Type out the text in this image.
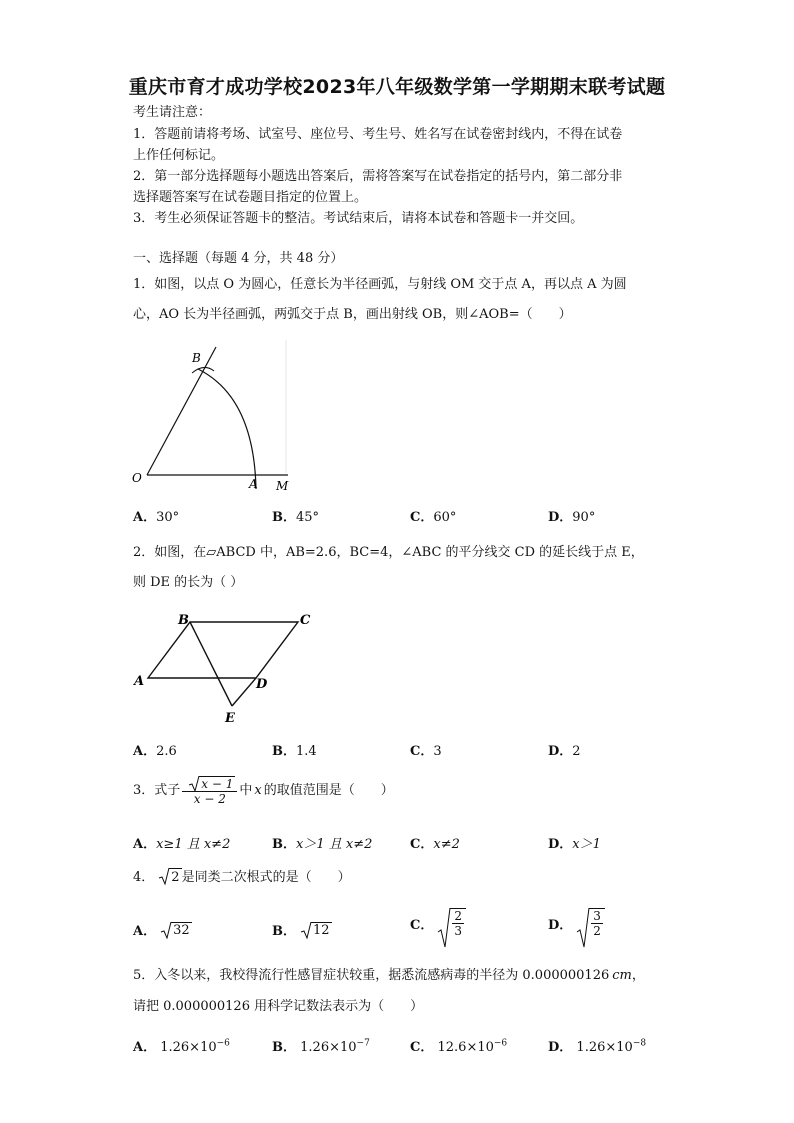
重庆市育才成功学校2023年八年级数学第一学期期末联考试题
考生请注意：
1．答题前请将考场、试室号、座位号、考生号、姓名写在试卷密封线内，不得在试卷
上作任何标记。
2．第一部分选择题每小题选出答案后，需将答案写在试卷指定的括号内，第二部分非
选择题答案写在试卷题目指定的位置上。
3．考生必须保证答题卡的整洁。考试结束后，请将本试卷和答题卡一并交回。
一、选择题（每题 4 分，共 48 分）
1．如图，以点 O 为圆心，任意长为半径画弧，与射线 OM 交于点 A，再以点 A 为圆
心，AO 长为半径画弧，两弧交于点 B，画出射线 OB，则∠AOB=（　　）
B
O	A M
A．30°	B．45°	C．60°	D．90°
2．如图，在▱ABCD 中，AB=2.6，BC=4，∠ABC 的平分线交 CD 的延长线于点 E，
则 DE 的长为（ ）
A
B	C
D
E
A．2.6	B．1.4	C．3	D．2
3．式子 $\frac{x - 1}{x - 2}$ 中 x 的取值范围是（　　）
A．x≥1 且 x≠2	B．x＞1 且 x≠2	C．x≠2	D．x＞1
4．	2 是同类二次根式的是（　　）
A．	32	B．	12	C． $\frac{2}{3}$	D． $\frac{3}{2}$
5．入冬以来，我校得流行性感冒症状较重，据悉流感病毒的半径为 0.000000126 cm，
请把 0.000000126 用科学记数法表示为（　　）
A． $1.26\times 10^{-6}$	B． $1.26\times 10^{-7}$	C． $12.6\times 10^{-6}$	D． $1.26\times 10^{-8}$
